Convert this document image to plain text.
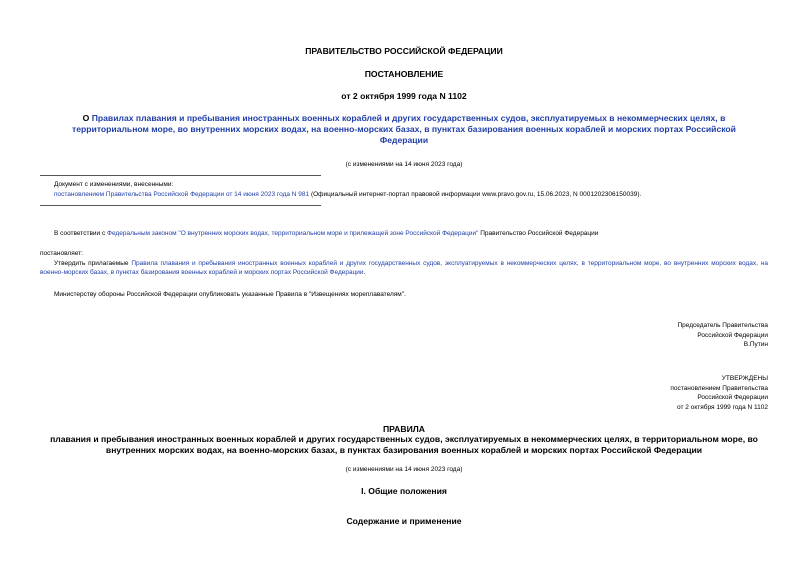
ПРАВИТЕЛЬСТВО РОССИЙСКОЙ ФЕДЕРАЦИИ
ПОСТАНОВЛЕНИЕ
от 2 октября 1999 года N 1102
О Правилах плавания и пребывания иностранных военных кораблей и других государственных судов, эксплуатируемых в некоммерческих целях, в территориальном море, во внутренних морских водах, на военно-морских базах, в пунктах базирования военных кораблей и морских портах Российской Федерации
(с изменениями на 14 июня 2023 года)
Документ с изменениями, внесенными:
постановлением Правительства Российской Федерации от 14 июня 2023 года N 981 (Официальный интернет-портал правовой информации www.pravo.gov.ru, 15.06.2023, N 0001202306150039).
В соответствии с Федеральным законом "О внутренних морских водах, территориальном море и прилежащей зоне Российской Федерации" Правительство Российской Федерации
постановляет:
Утвердить прилагаемые Правила плавания и пребывания иностранных военных кораблей и других государственных судов, эксплуатируемых в некоммерческих целях, в территориальном море, во внутренних морских водах, на военно-морских базах, в пунктах базирования военных кораблей и морских портах Российской Федерации.
Министерству обороны Российской Федерации опубликовать указанные Правила в "Извещениях мореплавателям".
Председатель Правительства
Российской Федерации
В.Путин
УТВЕРЖДЕНЫ
постановлением Правительства
Российской Федерации
от 2 октября 1999 года N 1102
ПРАВИЛА
плавания и пребывания иностранных военных кораблей и других государственных судов, эксплуатируемых в некоммерческих целях, в территориальном море, во внутренних морских водах, на военно-морских базах, в пунктах базирования военных кораблей и морских портах Российской Федерации
(с изменениями на 14 июня 2023 года)
I. Общие положения
Содержание и применение
